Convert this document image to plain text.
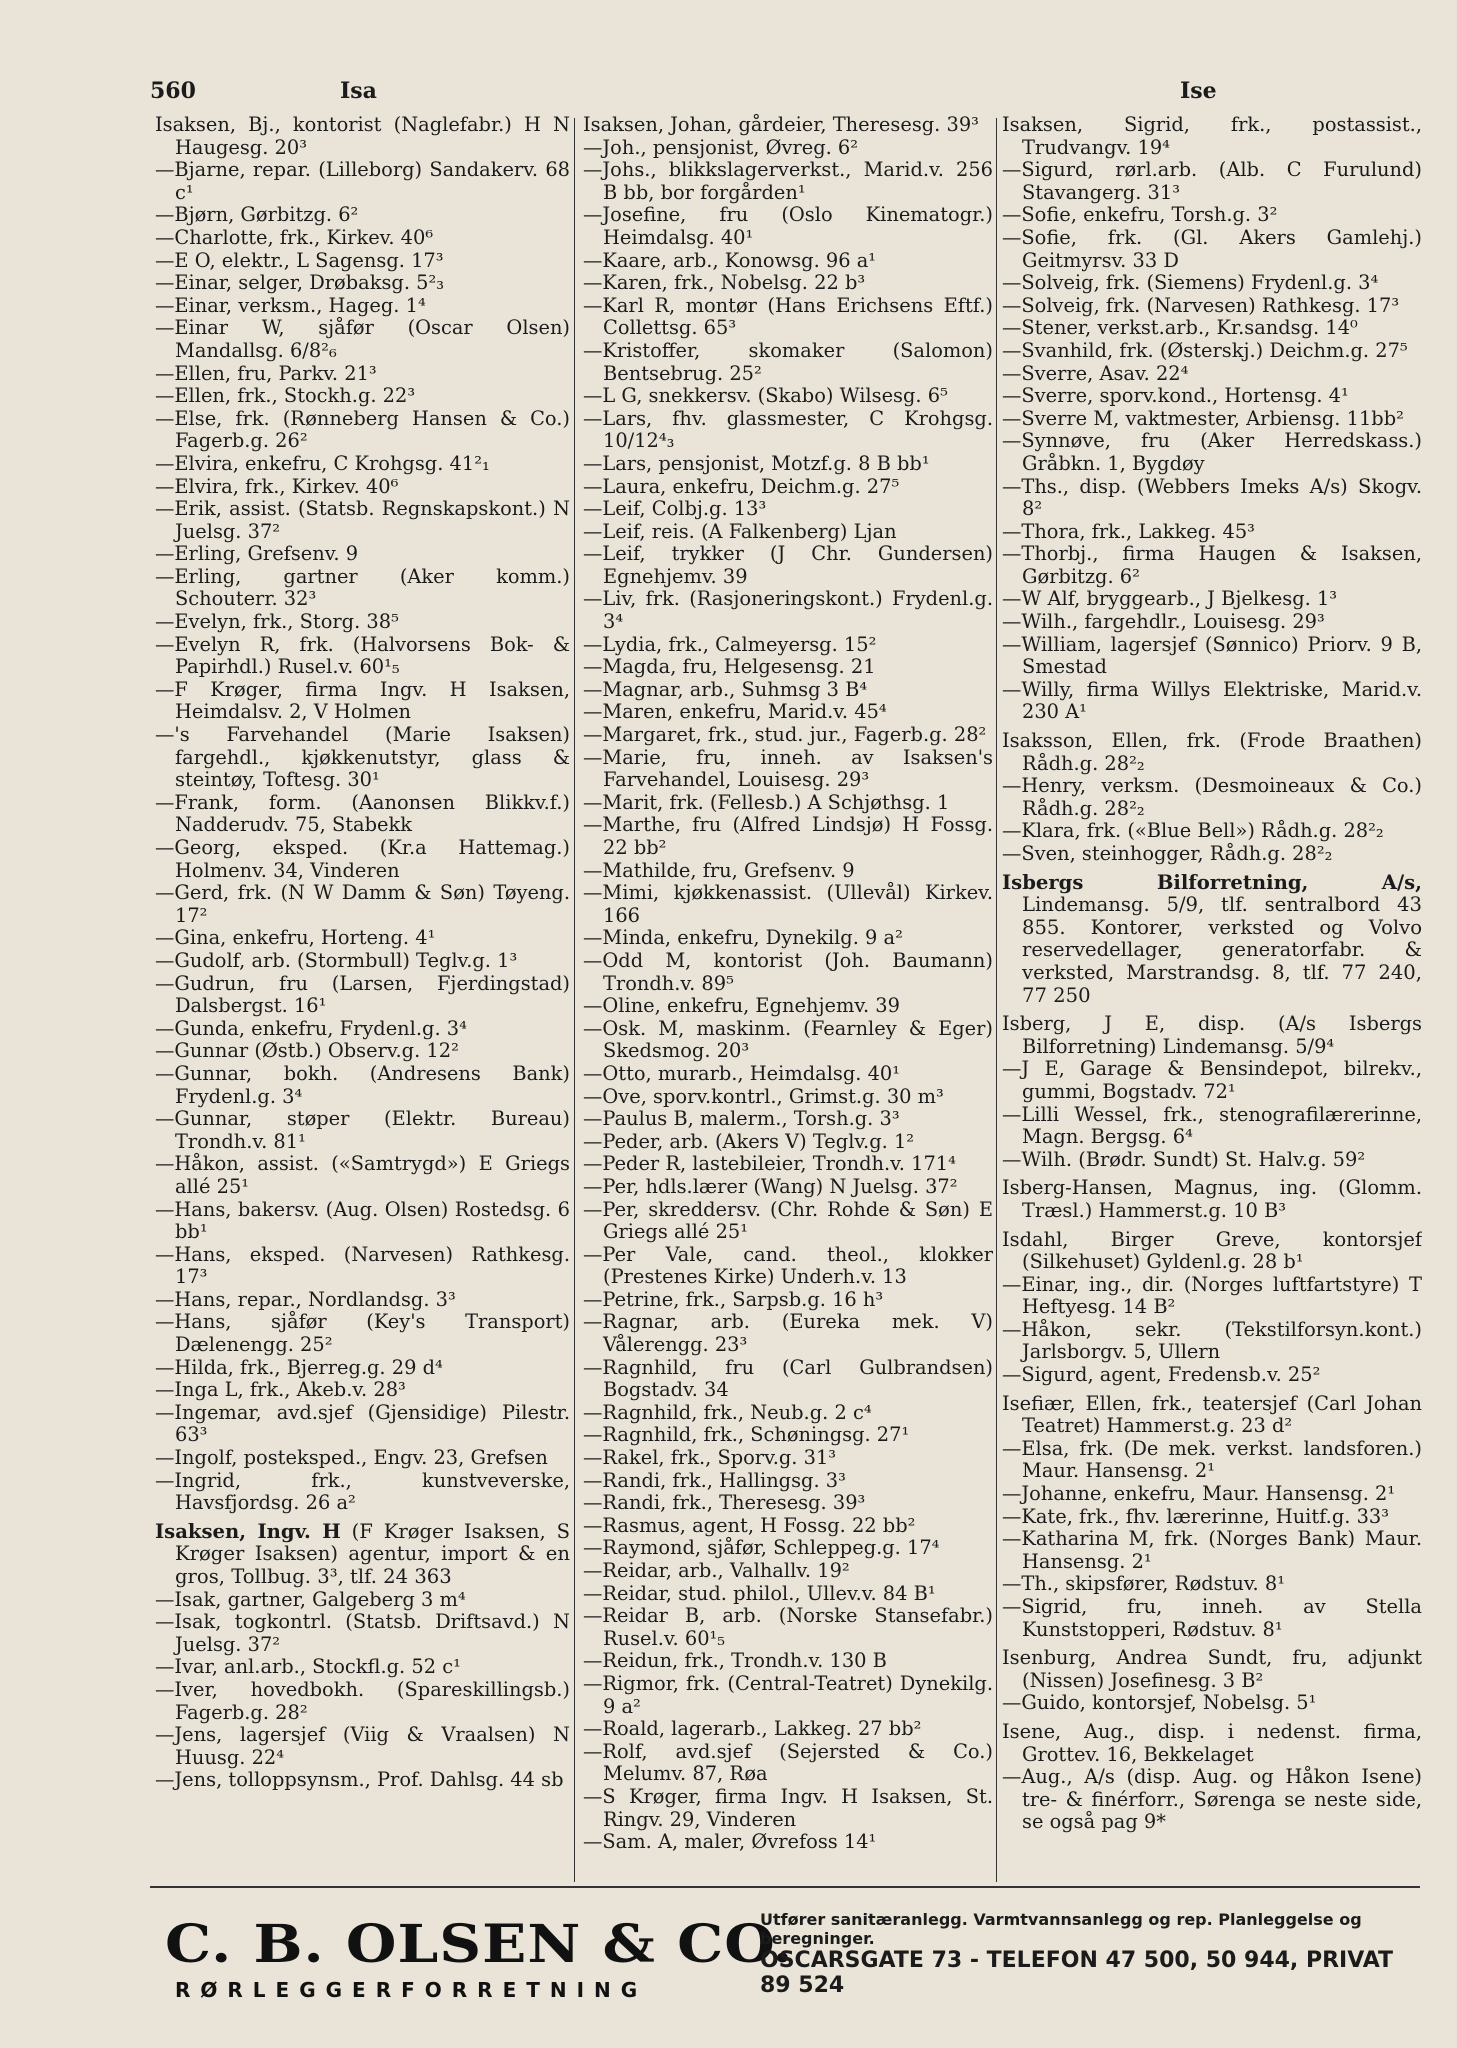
560	Isa	Ise

Isaksen, Bj., kontorist (Naglefabr.) H N Haugesg. 20³

—Bjarne, repar. (Lilleborg) Sandakerv. 68 c¹

—Bjørn, Gørbitzg. 6²

—Charlotte, frk., Kirkev. 40⁶

—E O, elektr., L Sagensg. 17³

—Einar, selger, Drøbaksg. 5²₃

—Einar, verksm., Hageg. 1⁴

—Einar W, sjåfør (Oscar Olsen) Mandallsg. 6/8²₆

—Ellen, fru, Parkv. 21³

—Ellen, frk., Stockh.g. 22³

—Else, frk. (Rønneberg Hansen & Co.) Fagerb.g. 26²

—Elvira, enkefru, C Krohgsg. 41²₁

—Elvira, frk., Kirkev. 40⁶

—Erik, assist. (Statsb. Regnskapskont.) N Juelsg. 37²

—Erling, Grefsenv. 9

—Erling, gartner (Aker komm.) Schouterr. 32³

—Evelyn, frk., Storg. 38⁵

—Evelyn R, frk. (Halvorsens Bok- & Papirhdl.) Rusel.v. 60¹₅

—F Krøger, firma Ingv. H Isaksen, Heimdalsv. 2, V Holmen

—'s Farvehandel (Marie Isaksen) fargehdl., kjøkkenutstyr, glass & steintøy, Toftesg. 30¹

—Frank, form. (Aanonsen Blikkv.f.) Nadderudv. 75, Stabekk

—Georg, eksped. (Kr.a Hattemag.) Holmenv. 34, Vinderen

—Gerd, frk. (N W Damm & Søn) Tøyeng. 17²

—Gina, enkefru, Horteng. 4¹

—Gudolf, arb. (Stormbull) Teglv.g. 1³

—Gudrun, fru (Larsen, Fjerdingstad) Dalsbergst. 16¹

—Gunda, enkefru, Frydenl.g. 3⁴

—Gunnar (Østb.) Observ.g. 12²

—Gunnar, bokh. (Andresens Bank) Frydenl.g. 3⁴

—Gunnar, støper (Elektr. Bureau) Trondh.v. 81¹

—Håkon, assist. («Samtrygd») E Griegs allé 25¹

—Hans, bakersv. (Aug. Olsen) Rostedsg. 6 bb¹

—Hans, eksped. (Narvesen) Rathkesg. 17³

—Hans, repar., Nordlandsg. 3³

—Hans, sjåfør (Key's Transport) Dælenengg. 25²

—Hilda, frk., Bjerreg.g. 29 d⁴

—Inga L, frk., Akeb.v. 28³

—Ingemar, avd.sjef (Gjensidige) Pilestr. 63³

—Ingolf, posteksped., Engv. 23, Grefsen

—Ingrid, frk., kunstveverske, Havsfjordsg. 26 a²

Isaksen, Ingv. H (F Krøger Isaksen, S Krøger Isaksen) agentur, import & en gros, Tollbug. 3³, tlf. 24 363

—Isak, gartner, Galgeberg 3 m⁴

—Isak, togkontrl. (Statsb. Driftsavd.) N Juelsg. 37²

—Ivar, anl.arb., Stockfl.g. 52 c¹

—Iver, hovedbokh. (Spareskillingsb.) Fagerb.g. 28²

—Jens, lagersjef (Viig & Vraalsen) N Huusg. 22⁴

—Jens, tolloppsynsm., Prof. Dahlsg. 44 sb

Isaksen, Johan, gårdeier, Theresesg. 39³

—Joh., pensjonist, Øvreg. 6²

—Johs., blikkslagerverkst., Marid.v. 256 B bb, bor forgården¹

—Josefine, fru (Oslo Kinematogr.) Heimdalsg. 40¹

—Kaare, arb., Konowsg. 96 a¹

—Karen, frk., Nobelsg. 22 b³

—Karl R, montør (Hans Erichsens Eftf.) Collettsg. 65³

—Kristoffer, skomaker (Salomon) Bentsebrug. 25²

—L G, snekkersv. (Skabo) Wilsesg. 6⁵

—Lars, fhv. glassmester, C Krohgsg. 10/12⁴₃

—Lars, pensjonist, Motzf.g. 8 B bb¹

—Laura, enkefru, Deichm.g. 27⁵

—Leif, Colbj.g. 13³

—Leif, reis. (A Falkenberg) Ljan

—Leif, trykker (J Chr. Gundersen) Egnehjemv. 39

—Liv, frk. (Rasjoneringskont.) Frydenl.g. 3⁴

—Lydia, frk., Calmeyersg. 15²

—Magda, fru, Helgesensg. 21

—Magnar, arb., Suhmsg 3 B⁴

—Maren, enkefru, Marid.v. 45⁴

—Margaret, frk., stud. jur., Fagerb.g. 28²

—Marie, fru, inneh. av Isaksen's Farvehandel, Louisesg. 29³

—Marit, frk. (Fellesb.) A Schjøthsg. 1

—Marthe, fru (Alfred Lindsjø) H Fossg. 22 bb²

—Mathilde, fru, Grefsenv. 9

—Mimi, kjøkkenassist. (Ullevål) Kirkev. 166

—Minda, enkefru, Dynekilg. 9 a²

—Odd M, kontorist (Joh. Baumann) Trondh.v. 89⁵

—Oline, enkefru, Egnehjemv. 39

—Osk. M, maskinm. (Fearnley & Eger) Skedsmog. 20³

—Otto, murarb., Heimdalsg. 40¹

—Ove, sporv.kontrl., Grimst.g. 30 m³

—Paulus B, malerm., Torsh.g. 3³

—Peder, arb. (Akers V) Teglv.g. 1²

—Peder R, lastebileier, Trondh.v. 171⁴

—Per, hdls.lærer (Wang) N Juelsg. 37²

—Per, skreddersv. (Chr. Rohde & Søn) E Griegs allé 25¹

—Per Vale, cand. theol., klokker (Prestenes Kirke) Underh.v. 13

—Petrine, frk., Sarpsb.g. 16 h³

—Ragnar, arb. (Eureka mek. V) Vålerengg. 23³

—Ragnhild, fru (Carl Gulbrandsen) Bogstadv. 34

—Ragnhild, frk., Neub.g. 2 c⁴

—Ragnhild, frk., Schøningsg. 27¹

—Rakel, frk., Sporv.g. 31³

—Randi, frk., Hallingsg. 3³

—Randi, frk., Theresesg. 39³

—Rasmus, agent, H Fossg. 22 bb²

—Raymond, sjåfør, Schleppeg.g. 17⁴

—Reidar, arb., Valhallv. 19²

—Reidar, stud. philol., Ullev.v. 84 B¹

—Reidar B, arb. (Norske Stansefabr.) Rusel.v. 60¹₅

—Reidun, frk., Trondh.v. 130 B

—Rigmor, frk. (Central-Teatret) Dynekilg. 9 a²

—Roald, lagerarb., Lakkeg. 27 bb²

—Rolf, avd.sjef (Sejersted & Co.) Melumv. 87, Røa

—S Krøger, firma Ingv. H Isaksen, St. Ringv. 29, Vinderen

—Sam. A, maler, Øvrefoss 14¹

Isaksen, Sigrid, frk., postassist., Trudvangv. 19⁴

—Sigurd, rørl.arb. (Alb. C Furulund) Stavangerg. 31³

—Sofie, enkefru, Torsh.g. 3²

—Sofie, frk. (Gl. Akers Gamlehj.) Geitmyrsv. 33 D

—Solveig, frk. (Siemens) Frydenl.g. 3⁴

—Solveig, frk. (Narvesen) Rathkesg. 17³

—Stener, verkst.arb., Kr.sandsg. 14⁰

—Svanhild, frk. (Østerskj.) Deichm.g. 27⁵

—Sverre, Asav. 22⁴

—Sverre, sporv.kond., Hortensg. 4¹

—Sverre M, vaktmester, Arbiensg. 11bb²

—Synnøve, fru (Aker Herredskass.) Gråbkn. 1, Bygdøy

—Ths., disp. (Webbers Imeks A/s) Skogv. 8²

—Thora, frk., Lakkeg. 45³

—Thorbj., firma Haugen & Isaksen, Gørbitzg. 6²

—W Alf, bryggearb., J Bjelkesg. 1³

—Wilh., fargehdlr., Louisesg. 29³

—William, lagersjef (Sønnico) Priorv. 9 B, Smestad

—Willy, firma Willys Elektriske, Marid.v. 230 A¹

Isaksson, Ellen, frk. (Frode Braathen) Rådh.g. 28²₂

—Henry, verksm. (Desmoineaux & Co.) Rådh.g. 28²₂

—Klara, frk. («Blue Bell») Rådh.g. 28²₂

—Sven, steinhogger, Rådh.g. 28²₂

Isbergs Bilforretning, A/s, Lindemansg. 5/9, tlf. sentralbord 43 855. Kontorer, verksted og Volvo reservedellager, generatorfabr. & verksted, Marstrandsg. 8, tlf. 77 240, 77 250

Isberg, J E, disp. (A/s Isbergs Bilforretning) Lindemansg. 5/9⁴

—J E, Garage & Bensindepot, bilrekv., gummi, Bogstadv. 72¹

—Lilli Wessel, frk., stenografilærerinne, Magn. Bergsg. 6⁴

—Wilh. (Brødr. Sundt) St. Halv.g. 59²

Isberg-Hansen, Magnus, ing. (Glomm. Træsl.) Hammerst.g. 10 B³

Isdahl, Birger Greve, kontorsjef (Silkehuset) Gyldenl.g. 28 b¹

—Einar, ing., dir. (Norges luftfartstyre) T Heftyesg. 14 B²

—Håkon, sekr. (Tekstilforsyn.kont.) Jarlsborgv. 5, Ullern

—Sigurd, agent, Fredensb.v. 25²

Isefiær, Ellen, frk., teatersjef (Carl Johan Teatret) Hammerst.g. 23 d²

—Elsa, frk. (De mek. verkst. landsforen.) Maur. Hansensg. 2¹

—Johanne, enkefru, Maur. Hansensg. 2¹

—Kate, frk., fhv. lærerinne, Huitf.g. 33³

—Katharina M, frk. (Norges Bank) Maur. Hansensg. 2¹

—Th., skipsfører, Rødstuv. 8¹

—Sigrid, fru, inneh. av Stella Kunststopperi, Rødstuv. 8¹

Isenburg, Andrea Sundt, fru, adjunkt (Nissen) Josefinesg. 3 B²

—Guido, kontorsjef, Nobelsg. 5¹

Isene, Aug., disp. i nedenst. firma, Grottev. 16, Bekkelaget

—Aug., A/s (disp. Aug. og Håkon Isene) tre- & finérforr., Sørenga se neste side, se også pag 9*

C. B. OLSEN & CO.
RØRLEGGERFORRETNING
Utfører sanitæranlegg. Varmtvannsanlegg og rep. Planleggelse og beregninger.
OSCARSGATE 73 - TELEFON 47 500, 50 944, PRIVAT 89 524
